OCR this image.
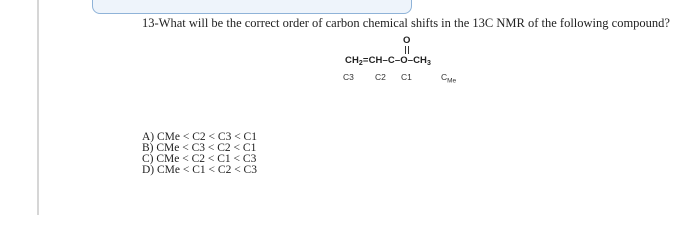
13-What will be the correct order of carbon chemical shifts in the 13C NMR of the following compound?
O
$CH_2=CH-C-O-CH_3$
C3 C2 C1	$C_{Me}$
A) CMe < C2 < C3 < C1
B) CMe < C3 < C2 < C1
C) CMe < C2 < C1 < C3
D) CMe < C1 < C2 < C3
